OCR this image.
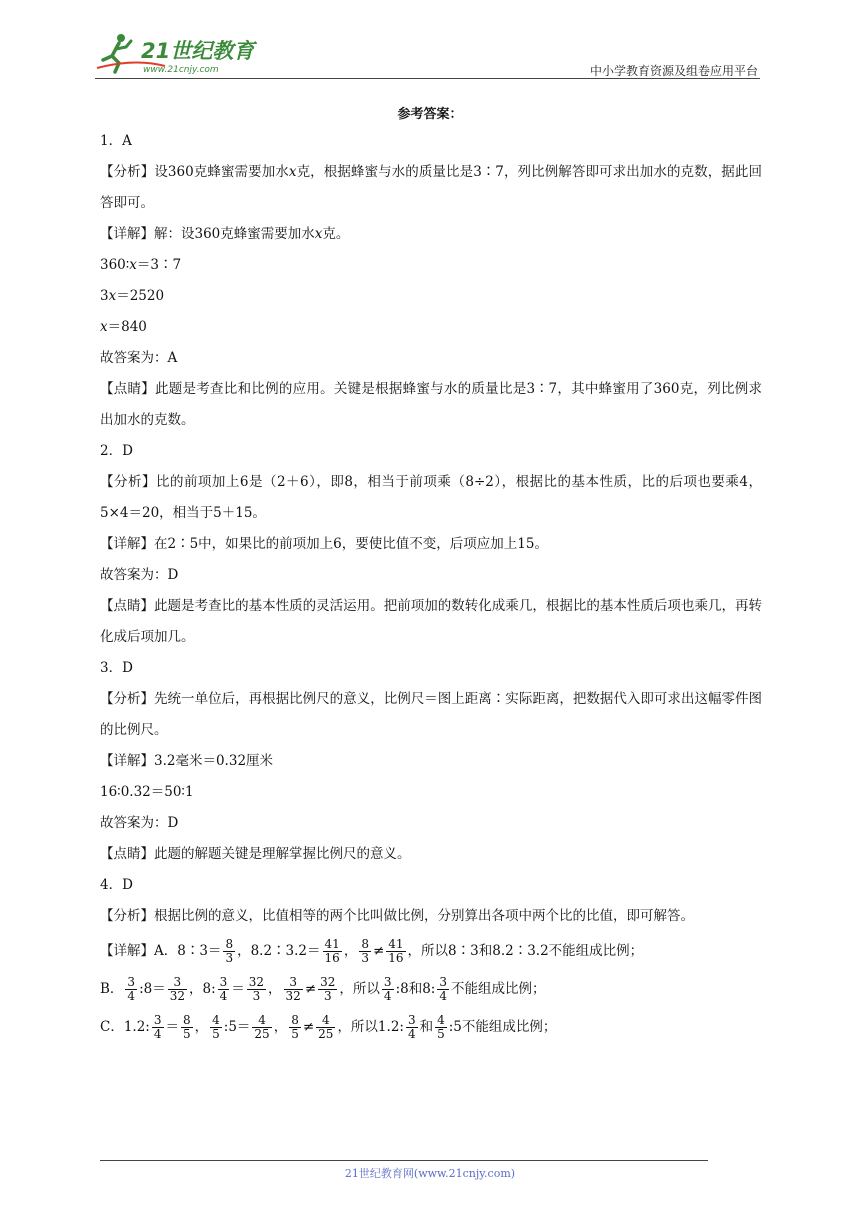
21世纪教育
www.21cnjy.com	中小学教育资源及组卷应用平台
参考答案：
1．A
【分析】设360克蜂蜜需要加水x克，根据蜂蜜与水的质量比是3∶7，列比例解答即可求出加水的克数，据此回答即可。
【详解】解：设360克蜂蜜需要加水x克。
360∶x＝3∶7
3x＝2520
x＝840
故答案为：A
【点睛】此题是考查比和比例的应用。关键是根据蜂蜜与水的质量比是3∶7，其中蜂蜜用了360克，列比例求出加水的克数。
2．D
【分析】比的前项加上6是（2＋6），即8，相当于前项乘（8÷2），根据比的基本性质，比的后项也要乘4，5×4＝20，相当于5＋15。
【详解】在2∶5中，如果比的前项加上6，要使比值不变，后项应加上15。
故答案为：D
【点睛】此题是考查比的基本性质的灵活运用。把前项加的数转化成乘几，根据比的基本性质后项也乘几，再转化成后项加几。
3．D
【分析】先统一单位后，再根据比例尺的意义，比例尺＝图上距离∶实际距离，把数据代入即可求出这幅零件图的比例尺。
【详解】3.2毫米＝0.32厘米
16∶0.32＝50∶1
故答案为：D
【点睛】此题的解题关键是理解掌握比例尺的意义。
4．D
【分析】根据比例的意义，比值相等的两个比叫做比例，分别算出各项中两个比的比值，即可解答。
【详解】A．8∶3＝ $\frac{8}{3}$ ，8.2∶3.2＝ $\frac{41}{16}$ ， $\frac{8}{3} \ne \frac{41}{16}$ ，所以8∶3和8.2∶3.2不能组成比例；
B． $\frac{3}{4}$ :8＝ $\frac{3}{32}$ ，8: $\frac{3}{4} = \frac{32}{3}$ ， $\frac{3}{32} \ne \frac{32}{3}$ ，所以 $\frac{3}{4}$ :8和8: $\frac{3}{4}$ 不能组成比例；
C．1.2: $\frac{3}{4} = \frac{8}{5}$ ， $\frac{4}{5}$ :5＝ $\frac{4}{25}$ ， $\frac{8}{5} \ne \frac{4}{25}$ ，所以1.2: $\frac{3}{4}$ 和 $\frac{4}{5}$ :5不能组成比例；
21世纪教育网(www.21cnjy.com)
